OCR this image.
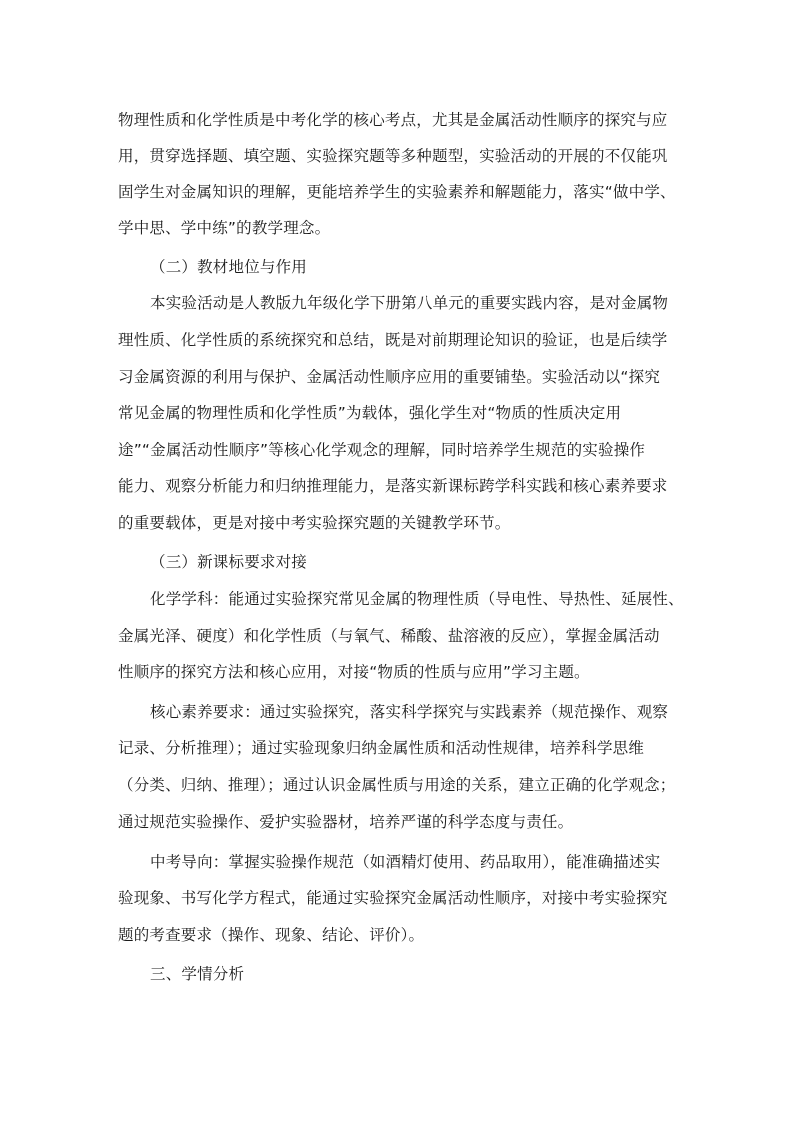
物理性质和化学性质是中考化学的核心考点，尤其是金属活动性顺序的探究与应
用，贯穿选择题、填空题、实验探究题等多种题型，实验活动的开展的不仅能巩
固学生对金属知识的理解，更能培养学生的实验素养和解题能力，落实“做中学、
学中思、学中练”的教学理念。
（二）教材地位与作用
本实验活动是人教版九年级化学下册第八单元的重要实践内容，是对金属物
理性质、化学性质的系统探究和总结，既是对前期理论知识的验证，也是后续学
习金属资源的利用与保护、金属活动性顺序应用的重要铺垫。实验活动以“探究
常见金属的物理性质和化学性质”为载体，强化学生对“物质的性质决定用
途”“金属活动性顺序”等核心化学观念的理解，同时培养学生规范的实验操作
能力、观察分析能力和归纳推理能力，是落实新课标跨学科实践和核心素养要求
的重要载体，更是对接中考实验探究题的关键教学环节。
（三）新课标要求对接
化学学科：能通过实验探究常见金属的物理性质（导电性、导热性、延展性、
金属光泽、硬度）和化学性质（与氧气、稀酸、盐溶液的反应），掌握金属活动
性顺序的探究方法和核心应用，对接“物质的性质与应用”学习主题。
核心素养要求：通过实验探究，落实科学探究与实践素养（规范操作、观察
记录、分析推理）；通过实验现象归纳金属性质和活动性规律，培养科学思维
（分类、归纳、推理）；通过认识金属性质与用途的关系，建立正确的化学观念；
通过规范实验操作、爱护实验器材，培养严谨的科学态度与责任。
中考导向：掌握实验操作规范（如酒精灯使用、药品取用），能准确描述实
验现象、书写化学方程式，能通过实验探究金属活动性顺序，对接中考实验探究
题的考查要求（操作、现象、结论、评价）。
三、学情分析
